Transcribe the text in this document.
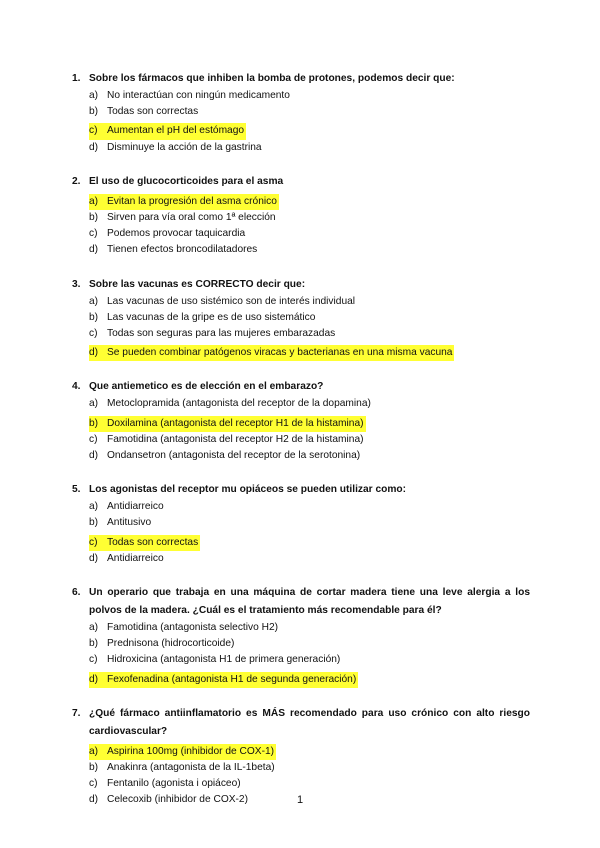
1. Sobre los fármacos que inhiben la bomba de protones, podemos decir que:
a) No interactúan con ningún medicamento
b) Todas son correctas
c) Aumentan el pH del estómago
d) Disminuye la acción de la gastrina
2. El uso de glucocorticoides para el asma
a) Evitan la progresión del asma crónico
b) Sirven para vía oral como 1ª elección
c) Podemos provocar taquicardia
d) Tienen efectos broncodilatadores
3. Sobre las vacunas es CORRECTO decir que:
a) Las vacunas de uso sistémico son de interés individual
b) Las vacunas de la gripe es de uso sistemático
c) Todas son seguras para las mujeres embarazadas
d) Se pueden combinar patógenos viracas y bacterianas en una misma vacuna
4. Que antiemetico es de elección en el embarazo?
a) Metoclopramida (antagonista del receptor de la dopamina)
b) Doxilamina (antagonista del receptor H1 de la histamina)
c) Famotidina (antagonista del receptor H2 de la histamina)
d) Ondansetron (antagonista del receptor de la serotonina)
5. Los agonistas del receptor mu opiáceos se pueden utilizar como:
a) Antidiarreico
b) Antitusivo
c) Todas son correctas
d) Antidiarreico
6. Un operario que trabaja en una máquina de cortar madera tiene una leve alergia a los polvos de la madera. ¿Cuál es el tratamiento más recomendable para él?
a) Famotidina (antagonista selectivo H2)
b) Prednisona (hidrocorticoide)
c) Hidroxicina (antagonista H1 de primera generación)
d) Fexofenadina (antagonista H1 de segunda generación)
7. ¿Qué fármaco antiinflamatorio es MÁS recomendado para uso crónico con alto riesgo cardiovascular?
a) Aspirina 100mg (inhibidor de COX-1)
b) Anakinra (antagonista de la IL-1beta)
c) Fentanilo (agonista i opiáceo)
d) Celecoxib (inhibidor de COX-2)	1
